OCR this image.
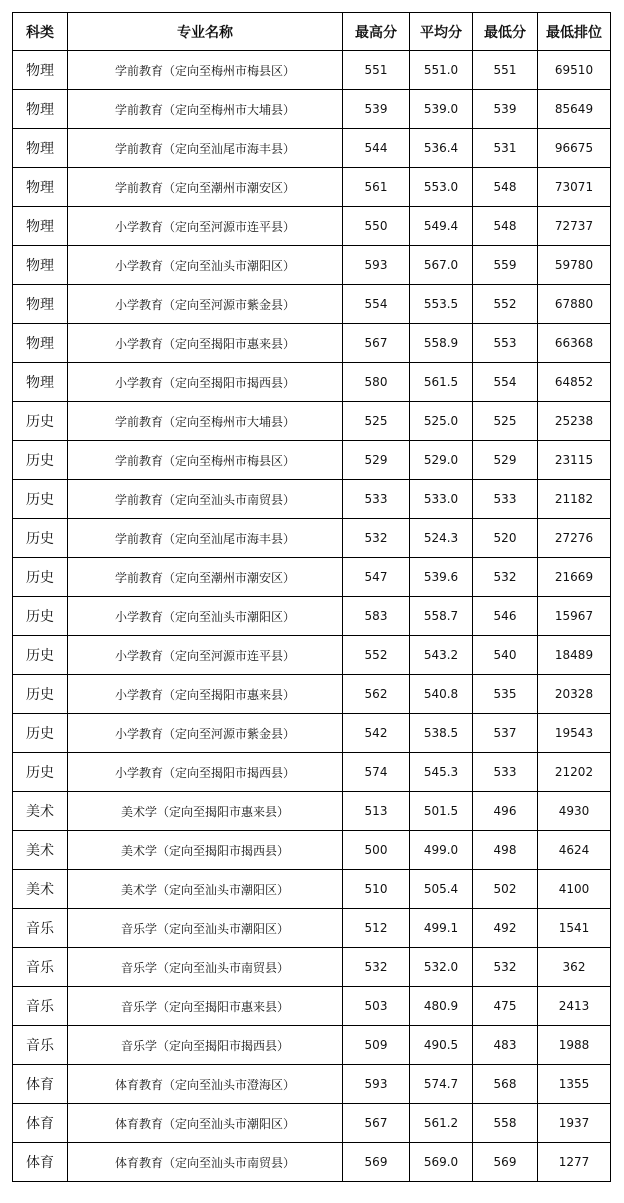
科类	专业名称	最高分	平均分	最低分	最低排位
物理	学前教育（定向至梅州市梅县区）	551	551.0	551	69510
物理	学前教育（定向至梅州市大埔县）	539	539.0	539	85649
物理	学前教育（定向至汕尾市海丰县）	544	536.4	531	96675
物理	学前教育（定向至潮州市潮安区）	561	553.0	548	73071
物理	小学教育（定向至河源市连平县）	550	549.4	548	72737
物理	小学教育（定向至汕头市潮阳区）	593	567.0	559	59780
物理	小学教育（定向至河源市紫金县）	554	553.5	552	67880
物理	小学教育（定向至揭阳市惠来县）	567	558.9	553	66368
物理	小学教育（定向至揭阳市揭西县）	580	561.5	554	64852
历史	学前教育（定向至梅州市大埔县）	525	525.0	525	25238
历史	学前教育（定向至梅州市梅县区）	529	529.0	529	23115
历史	学前教育（定向至汕头市南贸县）	533	533.0	533	21182
历史	学前教育（定向至汕尾市海丰县）	532	524.3	520	27276
历史	学前教育（定向至潮州市潮安区）	547	539.6	532	21669
历史	小学教育（定向至汕头市潮阳区）	583	558.7	546	15967
历史	小学教育（定向至河源市连平县）	552	543.2	540	18489
历史	小学教育（定向至揭阳市惠来县）	562	540.8	535	20328
历史	小学教育（定向至河源市紫金县）	542	538.5	537	19543
历史	小学教育（定向至揭阳市揭西县）	574	545.3	533	21202
美术	美术学（定向至揭阳市惠来县）	513	501.5	496	4930
美术	美术学（定向至揭阳市揭西县）	500	499.0	498	4624
美术	美术学（定向至汕头市潮阳区）	510	505.4	502	4100
音乐	音乐学（定向至汕头市潮阳区）	512	499.1	492	1541
音乐	音乐学（定向至汕头市南贸县）	532	532.0	532	362
音乐	音乐学（定向至揭阳市惠来县）	503	480.9	475	2413
音乐	音乐学（定向至揭阳市揭西县）	509	490.5	483	1988
体育	体育教育（定向至汕头市澄海区）	593	574.7	568	1355
体育	体育教育（定向至汕头市潮阳区）	567	561.2	558	1937
体育	体育教育（定向至汕头市南贸县）	569	569.0	569	1277
